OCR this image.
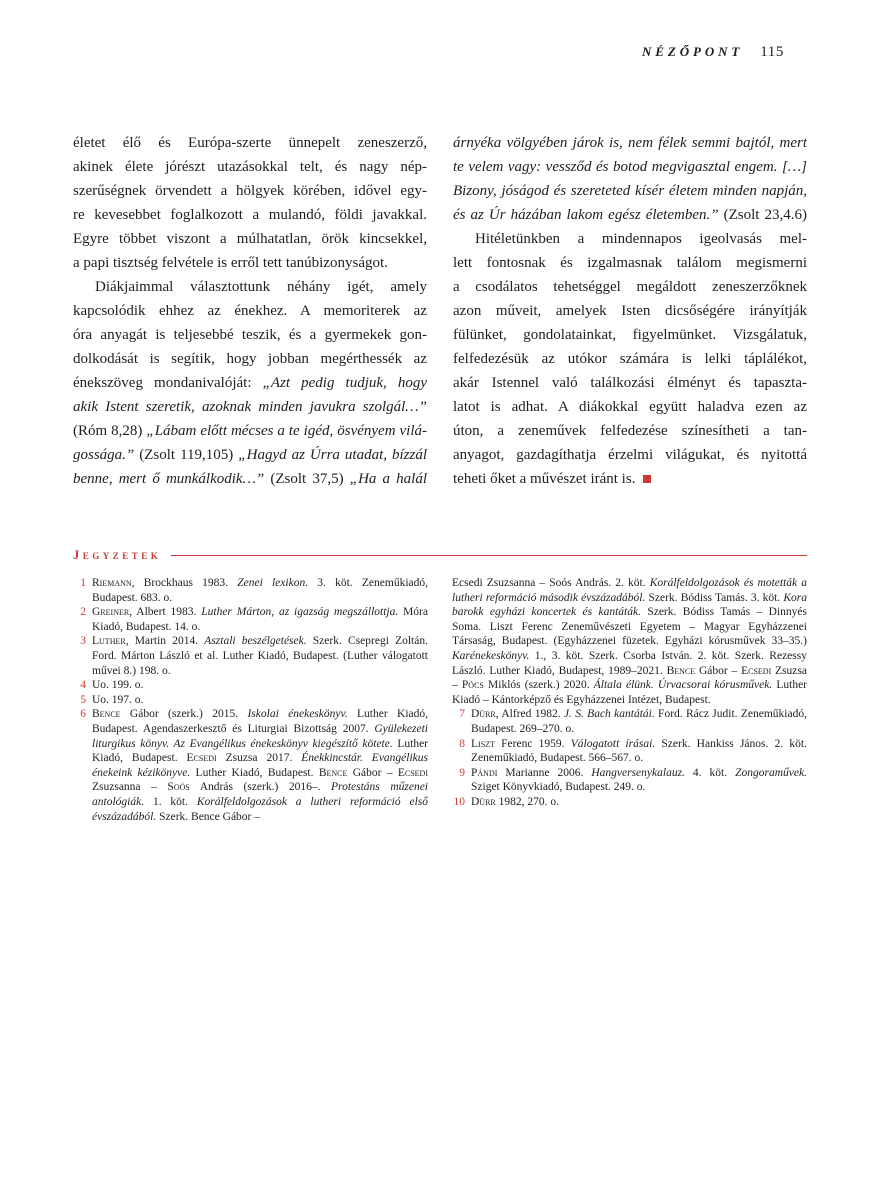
NÉZŐPONT 115
életet élő és Európa-szerte ünnepelt zeneszerző,
akinek élete jórészt utazásokkal telt, és nagy nép-
szerűségnek örvendett a hölgyek körében, idővel egy-
re kevesebbet foglalkozott a mulandó, földi javakkal.
Egyre többet viszont a múlhatatlan, örök kincsekkel,
a papi tisztség felvétele is erről tett tanúbizonyságot.
Diákjaimmal választottunk néhány igét, amely
kapcsolódik ehhez az énekhez. A memoriterek az
óra anyagát is teljesebbé teszik, és a gyermekek gon-
dolkodását is segítik, hogy jobban megérthessék az
énekszöveg mondanivalóját: „Azt pedig tudjuk, hogy
akik Istent szeretik, azoknak minden javukra szolgál…”
(Róm 8,28) „Lábam előtt mécses a te igéd, ösvényem vilá-
gossága.” (Zsolt 119,105) „Hagyd az Úrra utadat, bízzál
benne, mert ő munkálkodik…” (Zsolt 37,5) „Ha a halál
árnyéka völgyében járok is, nem félek semmi bajtól, mert
te velem vagy: vessződ és botod megvigasztal engem. […]
Bizony, jóságod és szereteted kísér életem minden napján,
és az Úr házában lakom egész életemben.” (Zsolt 23,4.6)
Hitéletünkben a mindennapos igeolvasás mel-
lett fontosnak és izgalmasnak találom megismerni
a csodálatos tehetséggel megáldott zeneszerzőknek
azon műveit, amelyek Isten dicsőségére irányítják
fülünket, gondolatainkat, figyelmünket. Vizsgálatuk,
felfedezésük az utókor számára is lelki táplálékot,
akár Istennel való találkozási élményt és tapaszta-
latot is adhat. A diákokkal együtt haladva ezen az
úton, a zeneművek felfedezése színesítheti a tan-
anyagot, gazdagíthatja érzelmi világukat, és nyitottá
teheti őket a művészet iránt is.
Jegyzetek
1 Riemann, Brockhaus 1983. Zenei lexikon. 3. köt. Zeneműkiadó, Budapest. 683. o.
2 Greiner, Albert 1983. Luther Márton, az igazság megszállottja. Móra Kiadó, Budapest. 14. o.
3 Luther, Martin 2014. Asztali beszélgetések. Szerk. Csepregi Zoltán. Ford. Márton László et al. Luther Kiadó, Budapest. (Luther válogatott művei 8.) 198. o.
4 Uo. 199. o.
5 Uo. 197. o.
6 Bence Gábor (szerk.) 2015. Iskolai énekeskönyv. Luther Kiadó, Budapest. Agendaszerkesztő és Liturgiai Bizottság 2007. Gyülekezeti liturgikus könyv. Az Evangélikus énekeskönyv kiegészítő kötete. Luther Kiadó, Budapest. Ecsedi Zsuzsa 2017. Énekkincstár. Evangélikus énekeink kézikönyve. Luther Kiadó, Budapest. Bence Gábor – Ecsedi Zsuzsanna – Soós András (szerk.) 2016–. Protestáns műzenei antológiák. 1. köt. Korálfeldolgozások a lutheri reformáció első évszázadából. Szerk. Bence Gábor –
Ecsedi Zsuzsanna – Soós András. 2. köt. Korálfeldolgozások és motetták a lutheri reformáció második évszázadából. Szerk. Bódiss Tamás. 3. köt. Kora barokk egyházi koncertek és kantáták. Szerk. Bódiss Tamás – Dinnyés Soma. Liszt Ferenc Zeneművészeti Egyetem – Magyar Egyházzenei Társaság, Budapest. (Egyházzenei füzetek. Egyházi kórusművek 33–35.) Karénekeskönyv. 1., 3. köt. Szerk. Csorba István. 2. köt. Szerk. Rezessy László. Luther Kiadó, Budapest, 1989–2021. Bence Gábor – Ecsedi Zsuzsa – Pócs Miklós (szerk.) 2020. Általa élünk. Úrvacsorai kórusművek. Luther Kiadó – Kántorképző és Egyházzenei Intézet, Budapest.
7 Dürr, Alfred 1982. J. S. Bach kantátái. Ford. Rácz Judit. Zeneműkiadó, Budapest. 269–270. o.
8 Liszt Ferenc 1959. Válogatott írásai. Szerk. Hankiss János. 2. köt. Zeneműkiadó, Budapest. 566–567. o.
9 Pándi Marianne 2006. Hangversenykalauz. 4. köt. Zongoraművek. Sziget Könyvkiadó, Budapest. 249. o.
10 Dürr 1982, 270. o.
